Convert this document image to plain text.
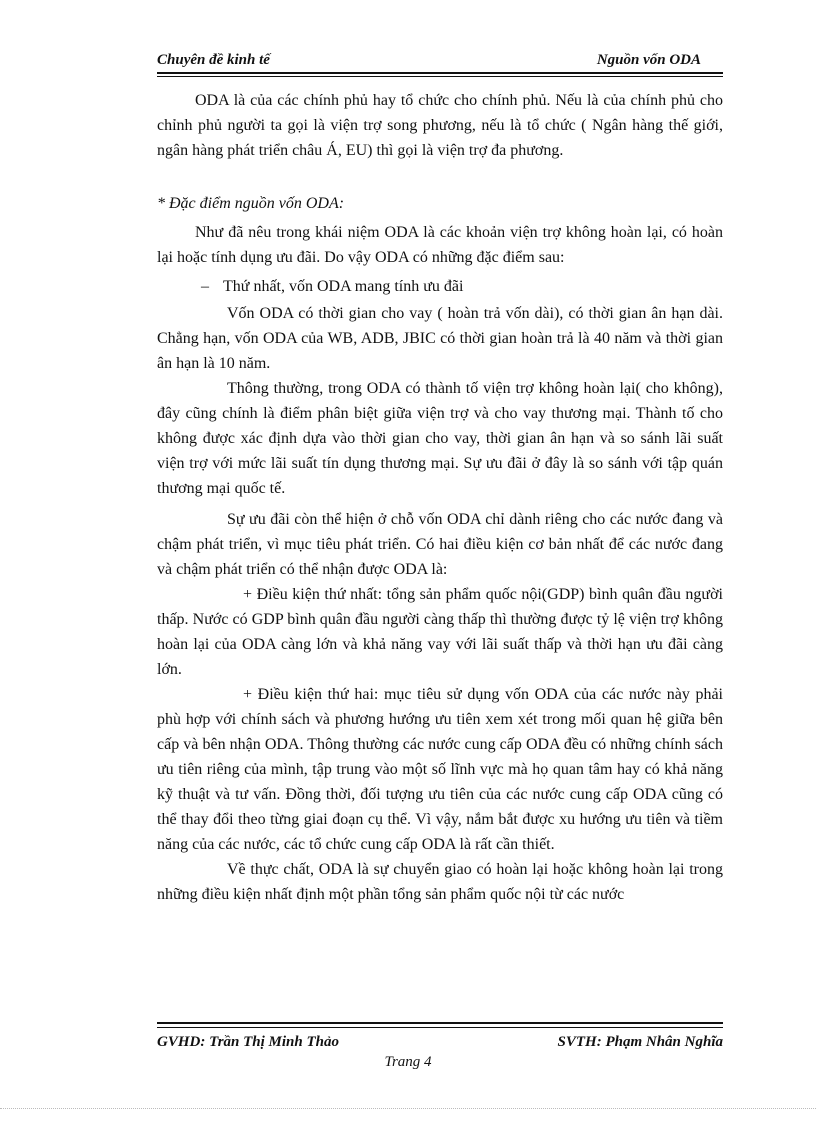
Chuyên đề kinh tế	Nguồn vốn ODA

ODA là của các chính phủ hay tổ chức cho chính phủ. Nếu là của chính phủ cho chỉnh phủ người ta gọi là viện trợ song phương, nếu là tổ chức ( Ngân hàng thế giới, ngân hàng phát triển châu Á, EU) thì gọi là viện trợ đa phương.

* Đặc điểm nguồn vốn ODA:

Như đã nêu trong khái niệm ODA là các khoản viện trợ không hoàn lại, có hoàn lại hoặc tính dụng ưu đãi. Do vậy ODA có những đặc điểm sau:

– Thứ nhất, vốn ODA mang tính ưu đãi

Vốn ODA có thời gian cho vay ( hoàn trả vốn dài), có thời gian ân hạn dài. Chẳng hạn, vốn ODA của WB, ADB, JBIC có thời gian hoàn trả là 40 năm và thời gian ân hạn là 10 năm.

Thông thường, trong ODA có thành tố viện trợ không hoàn lại( cho không), đây cũng chính là điểm phân biệt giữa viện trợ và cho vay thương mại. Thành tố cho không được xác định dựa vào thời gian cho vay, thời gian ân hạn và so sánh lãi suất viện trợ với mức lãi suất tín dụng thương mại. Sự ưu đãi ở đây là so sánh với tập quán thương mại quốc tế.

Sự ưu đãi còn thể hiện ở chỗ vốn ODA chỉ dành riêng cho các nước đang và chậm phát triển, vì mục tiêu phát triển. Có hai điều kiện cơ bản nhất để các nước đang và chậm phát triển có thể nhận được ODA là:

+ Điều kiện thứ nhất: tổng sản phẩm quốc nội(GDP) bình quân đầu người thấp. Nước có GDP bình quân đầu người càng thấp thì thường được tỷ lệ viện trợ không hoàn lại của ODA càng lớn và khả năng vay với lãi suất thấp và thời hạn ưu đãi càng lớn.

+ Điều kiện thứ hai: mục tiêu sử dụng vốn ODA của các nước này phải phù hợp với chính sách và phương hướng ưu tiên xem xét trong mối quan hệ giữa bên cấp và bên nhận ODA. Thông thường các nước cung cấp ODA đều có những chính sách ưu tiên riêng của mình, tập trung vào một số lĩnh vực mà họ quan tâm hay có khả năng kỹ thuật và tư vấn. Đồng thời, đối tượng ưu tiên của các nước cung cấp ODA cũng có thể thay đổi theo từng giai đoạn cụ thể. Vì vậy, nắm bắt được xu hướng ưu tiên và tiềm năng của các nước, các tổ chức cung cấp ODA là rất cần thiết.

Về thực chất, ODA là sự chuyển giao có hoàn lại hoặc không hoàn lại trong những điều kiện nhất định một phần tổng sản phẩm quốc nội từ các nước

GVHD: Trần Thị Minh Thảo	SVTH: Phạm Nhân Nghĩa
Trang 4
